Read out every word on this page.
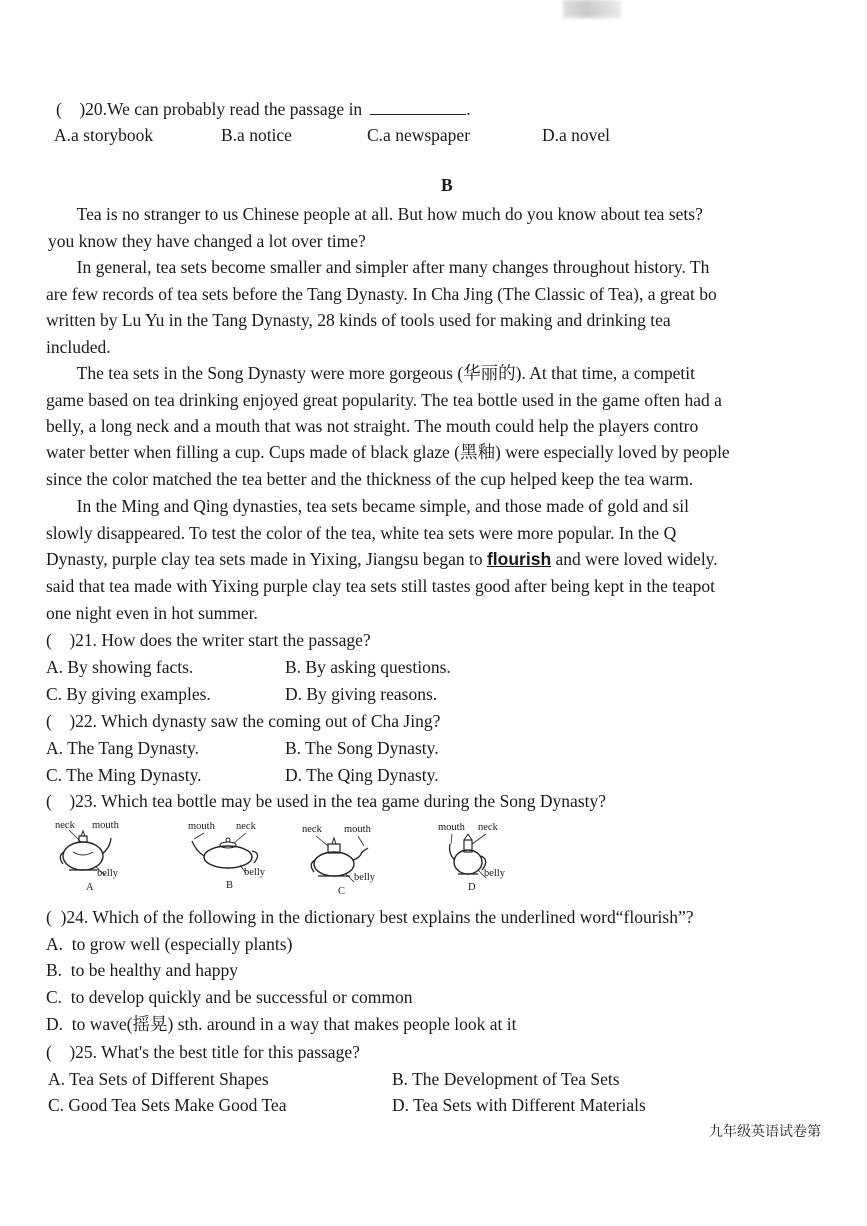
(    )20.We can probably read the passage in	.
A.a storybook	B.a notice	C.a newspaper	D.a novel
B
Tea is no stranger to us Chinese people at all. But how much do you know about tea sets?
you know they have changed a lot over time?
In general, tea sets become smaller and simpler after many changes throughout history. Th
are few records of tea sets before the Tang Dynasty. In Cha Jing (The Classic of Tea), a great bo
written by Lu Yu in the Tang Dynasty, 28 kinds of tools used for making and drinking tea
included.
The tea sets in the Song Dynasty were more gorgeous (华丽的). At that time, a competit
game based on tea drinking enjoyed great popularity. The tea bottle used in the game often had a
belly, a long neck and a mouth that was not straight. The mouth could help the players contro
water better when filling a cup. Cups made of black glaze (黑釉) were especially loved by people
since the color matched the tea better and the thickness of the cup helped keep the tea warm.
In the Ming and Qing dynasties, tea sets became simple, and those made of gold and sil
slowly disappeared. To test the color of the tea, white tea sets were more popular. In the Q
Dynasty, purple clay tea sets made in Yixing, Jiangsu began to flourish and were loved widely.
said that tea made with Yixing purple clay tea sets still tastes good after being kept in the teapot
one night even in hot summer.
(    )21. How does the writer start the passage?
A. By showing facts.	B. By asking questions.
C. By giving examples.	D. By giving reasons.
(    )22. Which dynasty saw the coming out of Cha Jing?
A. The Tang Dynasty.	B. The Song Dynasty.
C. The Ming Dynasty.	D. The Qing Dynasty.
(    )23. Which tea bottle may be used in the tea game during the Song Dynasty?
neck mouth
belly
A
mouth neck
belly
B
neck mouth
belly
C
mouth neck
belly
D
(  )24. Which of the following in the dictionary best explains the underlined word“flourish”?
A.  to grow well (especially plants)
B.  to be healthy and happy
C.  to develop quickly and be successful or common
D.  to wave(摇晃) sth. around in a way that makes people look at it
(    )25. What's the best title for this passage?
A. Tea Sets of Different Shapes	B. The Development of Tea Sets
C. Good Tea Sets Make Good Tea	D. Tea Sets with Different Materials
九年级英语试卷第
